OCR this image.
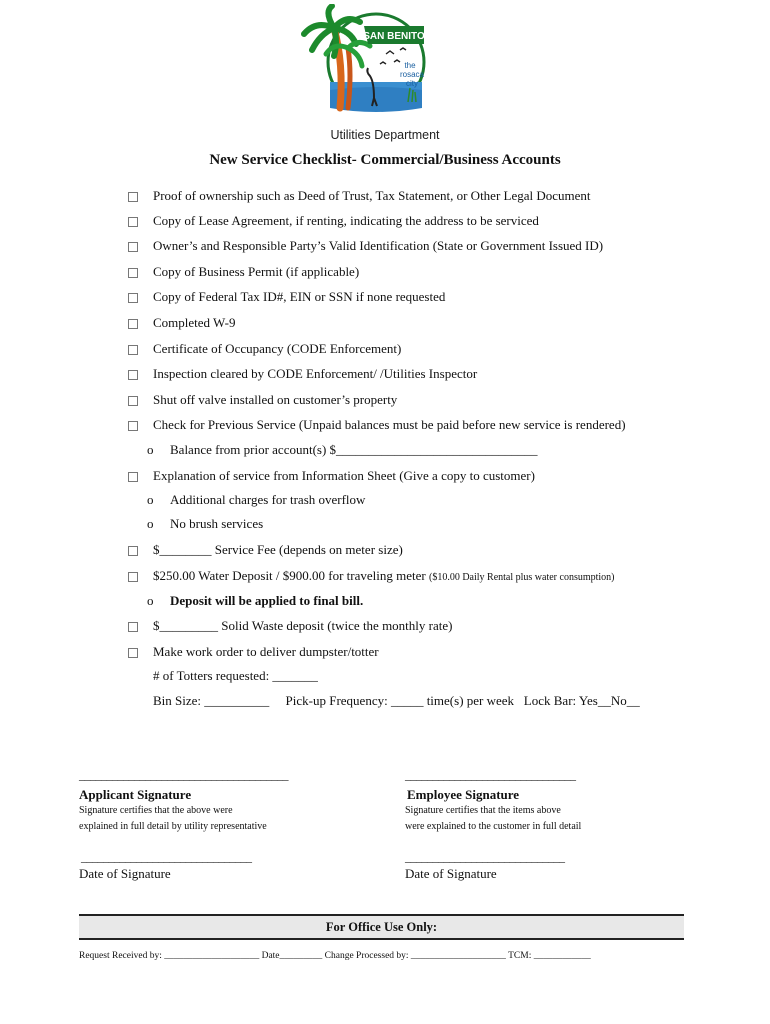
SAN BENITO
the
rosaca
city
Utilities Department
New Service Checklist- Commercial/Business Accounts
Proof of ownership such as Deed of Trust, Tax Statement, or Other Legal Document
Copy of Lease Agreement, if renting, indicating the address to be serviced
Owner’s and Responsible Party’s Valid Identification (State or Government Issued ID)
Copy of Business Permit (if applicable)
Copy of Federal Tax ID#, EIN or SSN if none requested
Completed W-9
Certificate of Occupancy (CODE Enforcement)
Inspection cleared by CODE Enforcement/ /Utilities Inspector
Shut off valve installed on customer’s property
Check for Previous Service (Unpaid balances must be paid before new service is rendered)
o Balance from prior account(s) $_______________________________
Explanation of service from Information Sheet (Give a copy to customer)
o Additional charges for trash overflow
o No brush services
$________ Service Fee (depends on meter size)
$250.00 Water Deposit / $900.00 for traveling meter ($10.00 Daily Rental plus water consumption)
o Deposit will be applied to final bill.
$_________ Solid Waste deposit (twice the monthly rate)
Make work order to deliver dumpster/totter
# of Totters requested: _______
Bin Size: __________     Pick-up Frequency: _____ time(s) per week   Lock Bar: Yes__No__
______________________________________
Applicant Signature
Signature certifies that the above were
explained in full detail by utility representative
_______________________________
Date of Signature
_______________________________
Employee Signature
Signature certifies that the items above
were explained to the customer in full detail
_____________________________
Date of Signature
For Office Use Only:
Request Received by: ____________________ Date_________ Change Processed by: ____________________ TCM: ____________
